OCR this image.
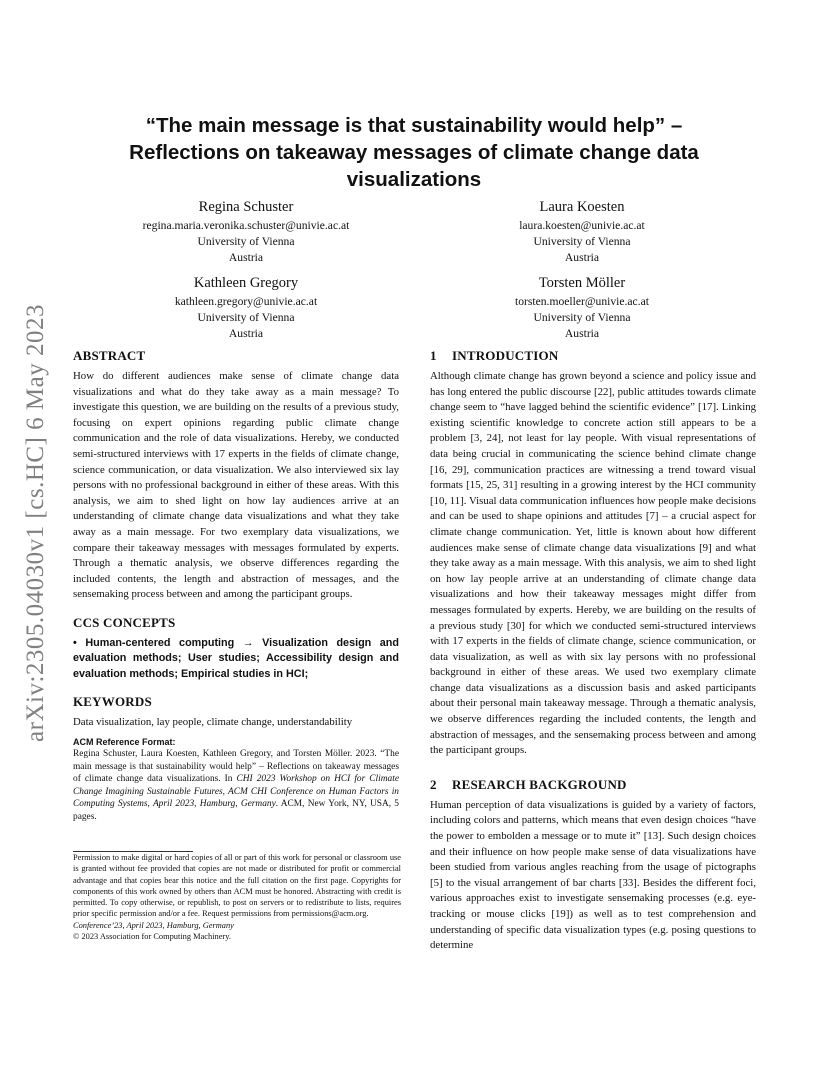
arXiv:2305.04030v1 [cs.HC] 6 May 2023
“The main message is that sustainability would help” – Reflections on takeaway messages of climate change data visualizations
Regina Schuster
regina.maria.veronika.schuster@univie.ac.at
University of Vienna
Austria
Kathleen Gregory
kathleen.gregory@univie.ac.at
University of Vienna
Austria
Laura Koesten
laura.koesten@univie.ac.at
University of Vienna
Austria
Torsten Möller
torsten.moeller@univie.ac.at
University of Vienna
Austria
ABSTRACT

How do different audiences make sense of climate change data visualizations and what do they take away as a main message? To investigate this question, we are building on the results of a previous study, focusing on expert opinions regarding public climate change communication and the role of data visualizations. Hereby, we conducted semi-structured interviews with 17 experts in the fields of climate change, science communication, or data visualization. We also interviewed six lay persons with no professional background in either of these areas. With this analysis, we aim to shed light on how lay audiences arrive at an understanding of climate change data visualizations and what they take away as a main message. For two exemplary data visualizations, we compare their takeaway messages with messages formulated by experts. Through a thematic analysis, we observe differences regarding the included contents, the length and abstraction of messages, and the sensemaking process between and among the participant groups.

CCS CONCEPTS

• Human-centered computing → Visualization design and evaluation methods; User studies; Accessibility design and evaluation methods; Empirical studies in HCI;

KEYWORDS

Data visualization, lay people, climate change, understandability

ACM Reference Format:

Regina Schuster, Laura Koesten, Kathleen Gregory, and Torsten Möller. 2023. “The main message is that sustainability would help” – Reflections on takeaway messages of climate change data visualizations. In CHI 2023 Workshop on HCI for Climate Change Imagining Sustainable Futures, ACM CHI Conference on Human Factors in Computing Systems, April 2023, Hamburg, Germany. ACM, New York, NY, USA, 5 pages.

Permission to make digital or hard copies of all or part of this work for personal or classroom use is granted without fee provided that copies are not made or distributed for profit or commercial advantage and that copies bear this notice and the full citation on the first page. Copyrights for components of this work owned by others than ACM must be honored. Abstracting with credit is permitted. To copy otherwise, or republish, to post on servers or to redistribute to lists, requires prior specific permission and/or a fee. Request permissions from permissions@acm.org.
Conference’23, April 2023, Hamburg, Germany
© 2023 Association for Computing Machinery.
1 INTRODUCTION

Although climate change has grown beyond a science and policy issue and has long entered the public discourse [22], public attitudes towards climate change seem to “have lagged behind the scientific evidence” [17]. Linking existing scientific knowledge to concrete action still appears to be a problem [3, 24], not least for lay people. With visual representations of data being crucial in communicating the science behind climate change [16, 29], communication practices are witnessing a trend toward visual formats [15, 25, 31] resulting in a growing interest by the HCI community [10, 11]. Visual data communication influences how people make decisions and can be used to shape opinions and attitudes [7] – a crucial aspect for climate change communication. Yet, little is known about how different audiences make sense of climate change data visualizations [9] and what they take away as a main message. With this analysis, we aim to shed light on how lay people arrive at an understanding of climate change data visualizations and how their takeaway messages might differ from messages formulated by experts. Hereby, we are building on the results of a previous study [30] for which we conducted semi-structured interviews with 17 experts in the fields of climate change, science communication, or data visualization, as well as with six lay persons with no professional background in either of these areas. We used two exemplary climate change data visualizations as a discussion basis and asked participants about their personal main takeaway message. Through a thematic analysis, we observe differences regarding the included contents, the length and abstraction of messages, and the sensemaking process between and among the participant groups.

2 RESEARCH BACKGROUND

Human perception of data visualizations is guided by a variety of factors, including colors and patterns, which means that even design choices “have the power to embolden a message or to mute it” [13]. Such design choices and their influence on how people make sense of data visualizations have been studied from various angles reaching from the usage of pictographs [5] to the visual arrangement of bar charts [33]. Besides the different foci, various approaches exist to investigate sensemaking processes (e.g. eye-tracking or mouse clicks [19]) as well as to test comprehension and understanding of specific data visualization types (e.g. posing questions to determine
